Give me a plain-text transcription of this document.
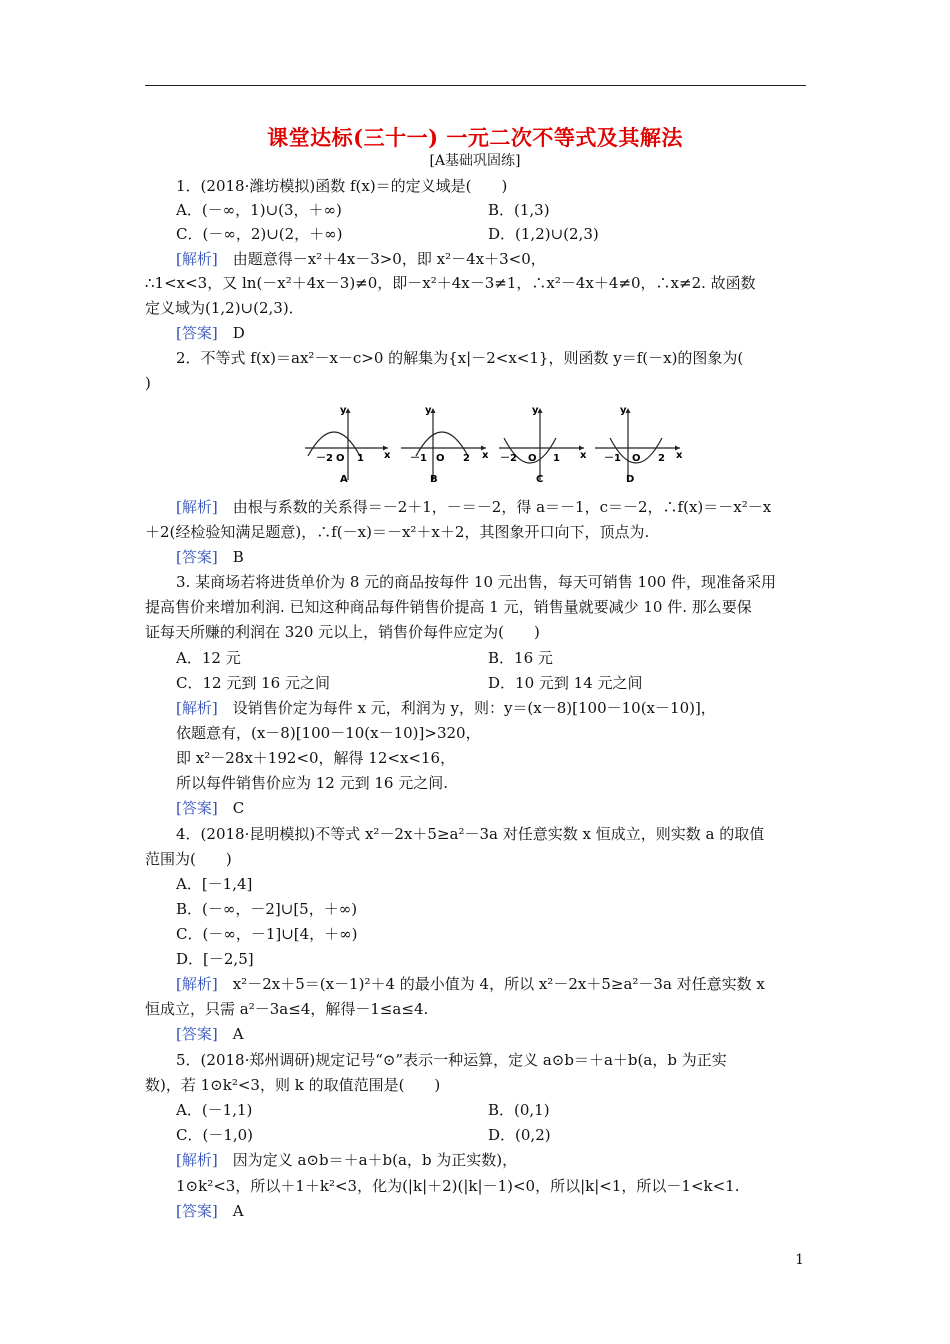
课堂达标(三十一) 一元二次不等式及其解法
[A基础巩固练]
1．(2018·潍坊模拟)函数 f(x)＝的定义域是(　　)
A．(－∞，1)∪(3，＋∞)	B．(1,3)
C．(－∞，2)∪(2，＋∞)	D．(1,2)∪(2,3)
[解析]　由题意得－x²＋4x－3>0，即 x²－4x＋3<0，
∴1<x<3，又 ln(－x²＋4x－3)≠0，即－x²＋4x－3≠1，∴x²－4x＋4≠0，∴x≠2. 故函数
定义域为(1,2)∪(2,3)．
[答案]　D
2．不等式 f(x)＝ax²－x－c>0 的解集为{x|－2<x<1}，则函数 y＝f(－x)的图象为(
)
[解析]　由根与系数的关系得＝－2＋1，－＝－2，得 a＝－1，c＝－2，∴f(x)＝－x²－x
＋2(经检验知满足题意)，∴f(－x)＝－x²＋x＋2，其图象开口向下，顶点为.
[答案]　B
3. 某商场若将进货单价为 8 元的商品按每件 10 元出售，每天可销售 100 件，现准备采用
提高售价来增加利润. 已知这种商品每件销售价提高 1 元，销售量就要减少 10 件. 那么要保
证每天所赚的利润在 320 元以上，销售价每件应定为(　　)
A．12 元	B．16 元
C．12 元到 16 元之间	D．10 元到 14 元之间
[解析]　设销售价定为每件 x 元，利润为 y，则：y＝(x－8)[100－10(x－10)]，
依题意有，(x－8)[100－10(x－10)]>320，
即 x²－28x＋192<0，解得 12<x<16，
所以每件销售价应为 12 元到 16 元之间.
[答案]　C
4．(2018·昆明模拟)不等式 x²－2x＋5≥a²－3a 对任意实数 x 恒成立，则实数 a 的取值
范围为(　　)
A．[－1,4]
B．(－∞，－2]∪[5，＋∞)
C．(－∞，－1]∪[4，＋∞)
D．[－2,5]
[解析]　x²－2x＋5＝(x－1)²＋4 的最小值为 4，所以 x²－2x＋5≥a²－3a 对任意实数 x
恒成立，只需 a²－3a≤4，解得－1≤a≤4.
[答案]　A
5．(2018·郑州调研)规定记号“⊙”表示一种运算，定义 a⊙b＝＋a＋b(a，b 为正实
数)，若 1⊙k²<3，则 k 的取值范围是(　　)
A．(－1,1)	B．(0,1)
C．(－1,0)	D．(0,2)
[解析]　因为定义 a⊙b＝＋a＋b(a，b 为正实数)，
1⊙k²<3，所以＋1＋k²<3，化为(|k|＋2)(|k|－1)<0，所以|k|<1，所以－1<k<1.
[答案]　A
y
x
－2 O 1
A
y
x
－1 O 2
B
y
x
－2 O 1
C
y
x
－1 O 2
D
1
